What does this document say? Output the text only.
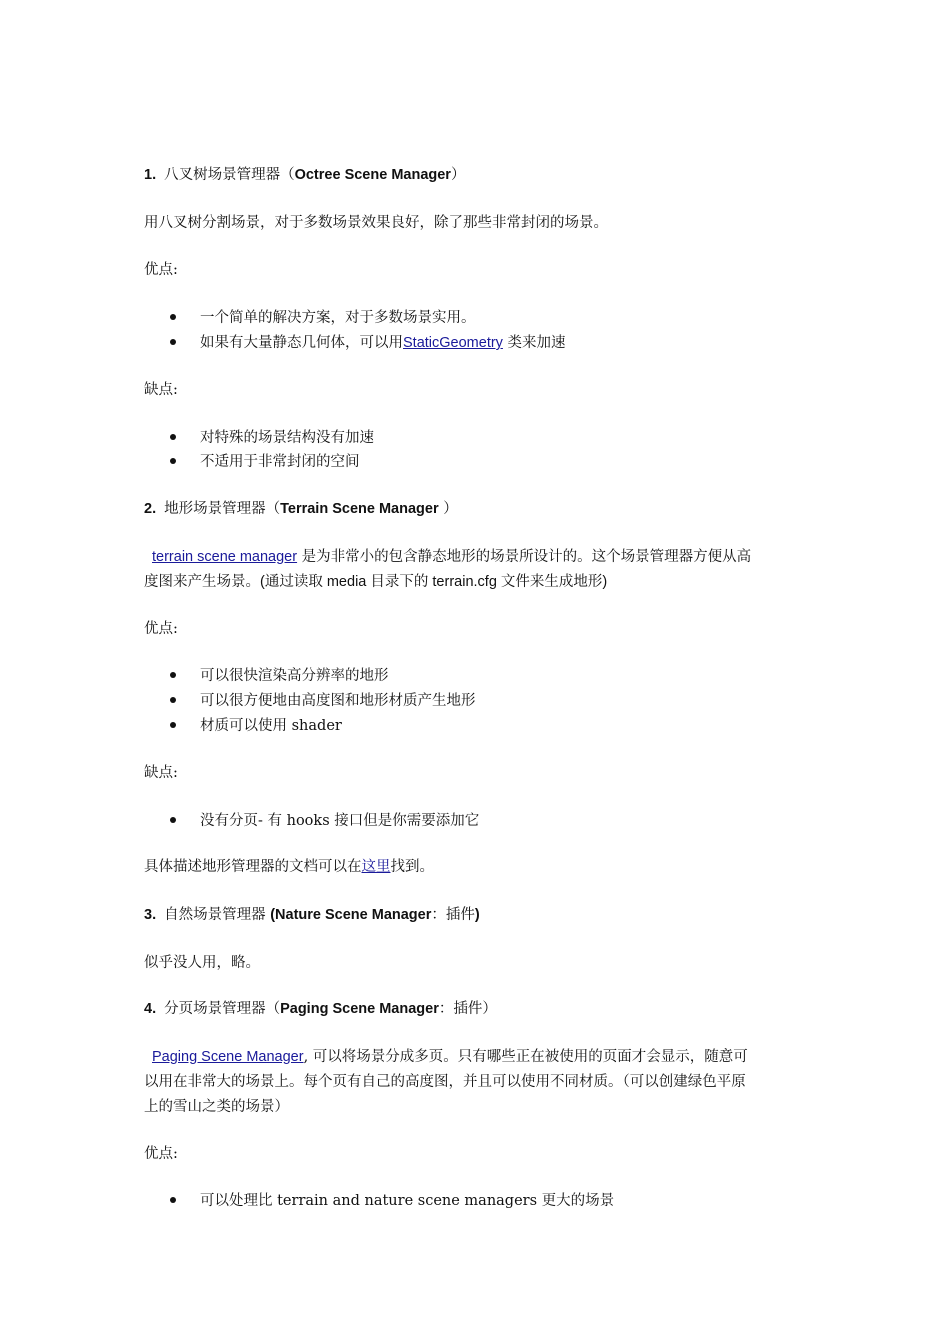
1. 八叉树场景管理器（Octree Scene Manager）
用八叉树分割场景，对于多数场景效果良好，除了那些非常封闭的场景。
优点:
一个简单的解决方案，对于多数场景实用。
如果有大量静态几何体，可以用StaticGeometry 类来加速
缺点:
对特殊的场景结构没有加速
不适用于非常封闭的空间
2. 地形场景管理器（Terrain Scene Manager ）
terrain scene manager 是为非常小的包含静态地形的场景所设计的。这个场景管理器方便从高
度图来产生场景。(通过读取 media 目录下的 terrain.cfg 文件来生成地形)
优点:
可以很快渲染高分辨率的地形
可以很方便地由高度图和地形材质产生地形
材质可以使用 shader
缺点:
没有分页- 有 hooks 接口但是你需要添加它
具体描述地形管理器的文档可以在这里找到。
3. 自然场景管理器 (Nature Scene Manager：插件)
似乎没人用，略。
4. 分页场景管理器（Paging Scene Manager：插件）
Paging Scene Manager, 可以将场景分成多页。只有哪些正在被使用的页面才会显示，随意可
以用在非常大的场景上。每个页有自己的高度图，并且可以使用不同材质。（可以创建绿色平原
上的雪山之类的场景）
优点:
可以处理比 terrain and nature scene managers 更大的场景
